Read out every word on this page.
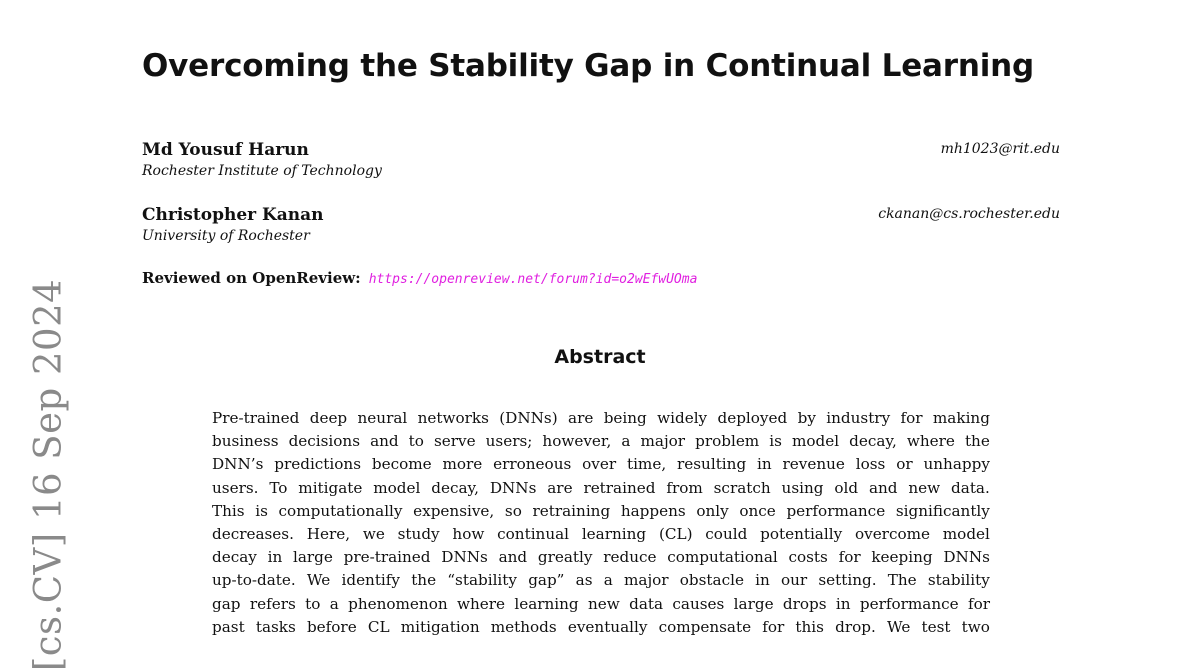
[cs.CV] 16 Sep 2024
Overcoming the Stability Gap in Continual Learning
Md Yousuf Harun
Rochester Institute of Technology
mh1023@rit.edu
Christopher Kanan
University of Rochester
ckanan@cs.rochester.edu
Reviewed on OpenReview: https://openreview.net/forum?id=o2wEfwUOma
Abstract
Pre-trained deep neural networks (DNNs) are being widely deployed by industry for making
business decisions and to serve users; however, a major problem is model decay, where the
DNN’s predictions become more erroneous over time, resulting in revenue loss or unhappy
users. To mitigate model decay, DNNs are retrained from scratch using old and new data.
This is computationally expensive, so retraining happens only once performance significantly
decreases. Here, we study how continual learning (CL) could potentially overcome model
decay in large pre-trained DNNs and greatly reduce computational costs for keeping DNNs
up-to-date. We identify the “stability gap” as a major obstacle in our setting. The stability
gap refers to a phenomenon where learning new data causes large drops in performance for
past tasks before CL mitigation methods eventually compensate for this drop. We test two
